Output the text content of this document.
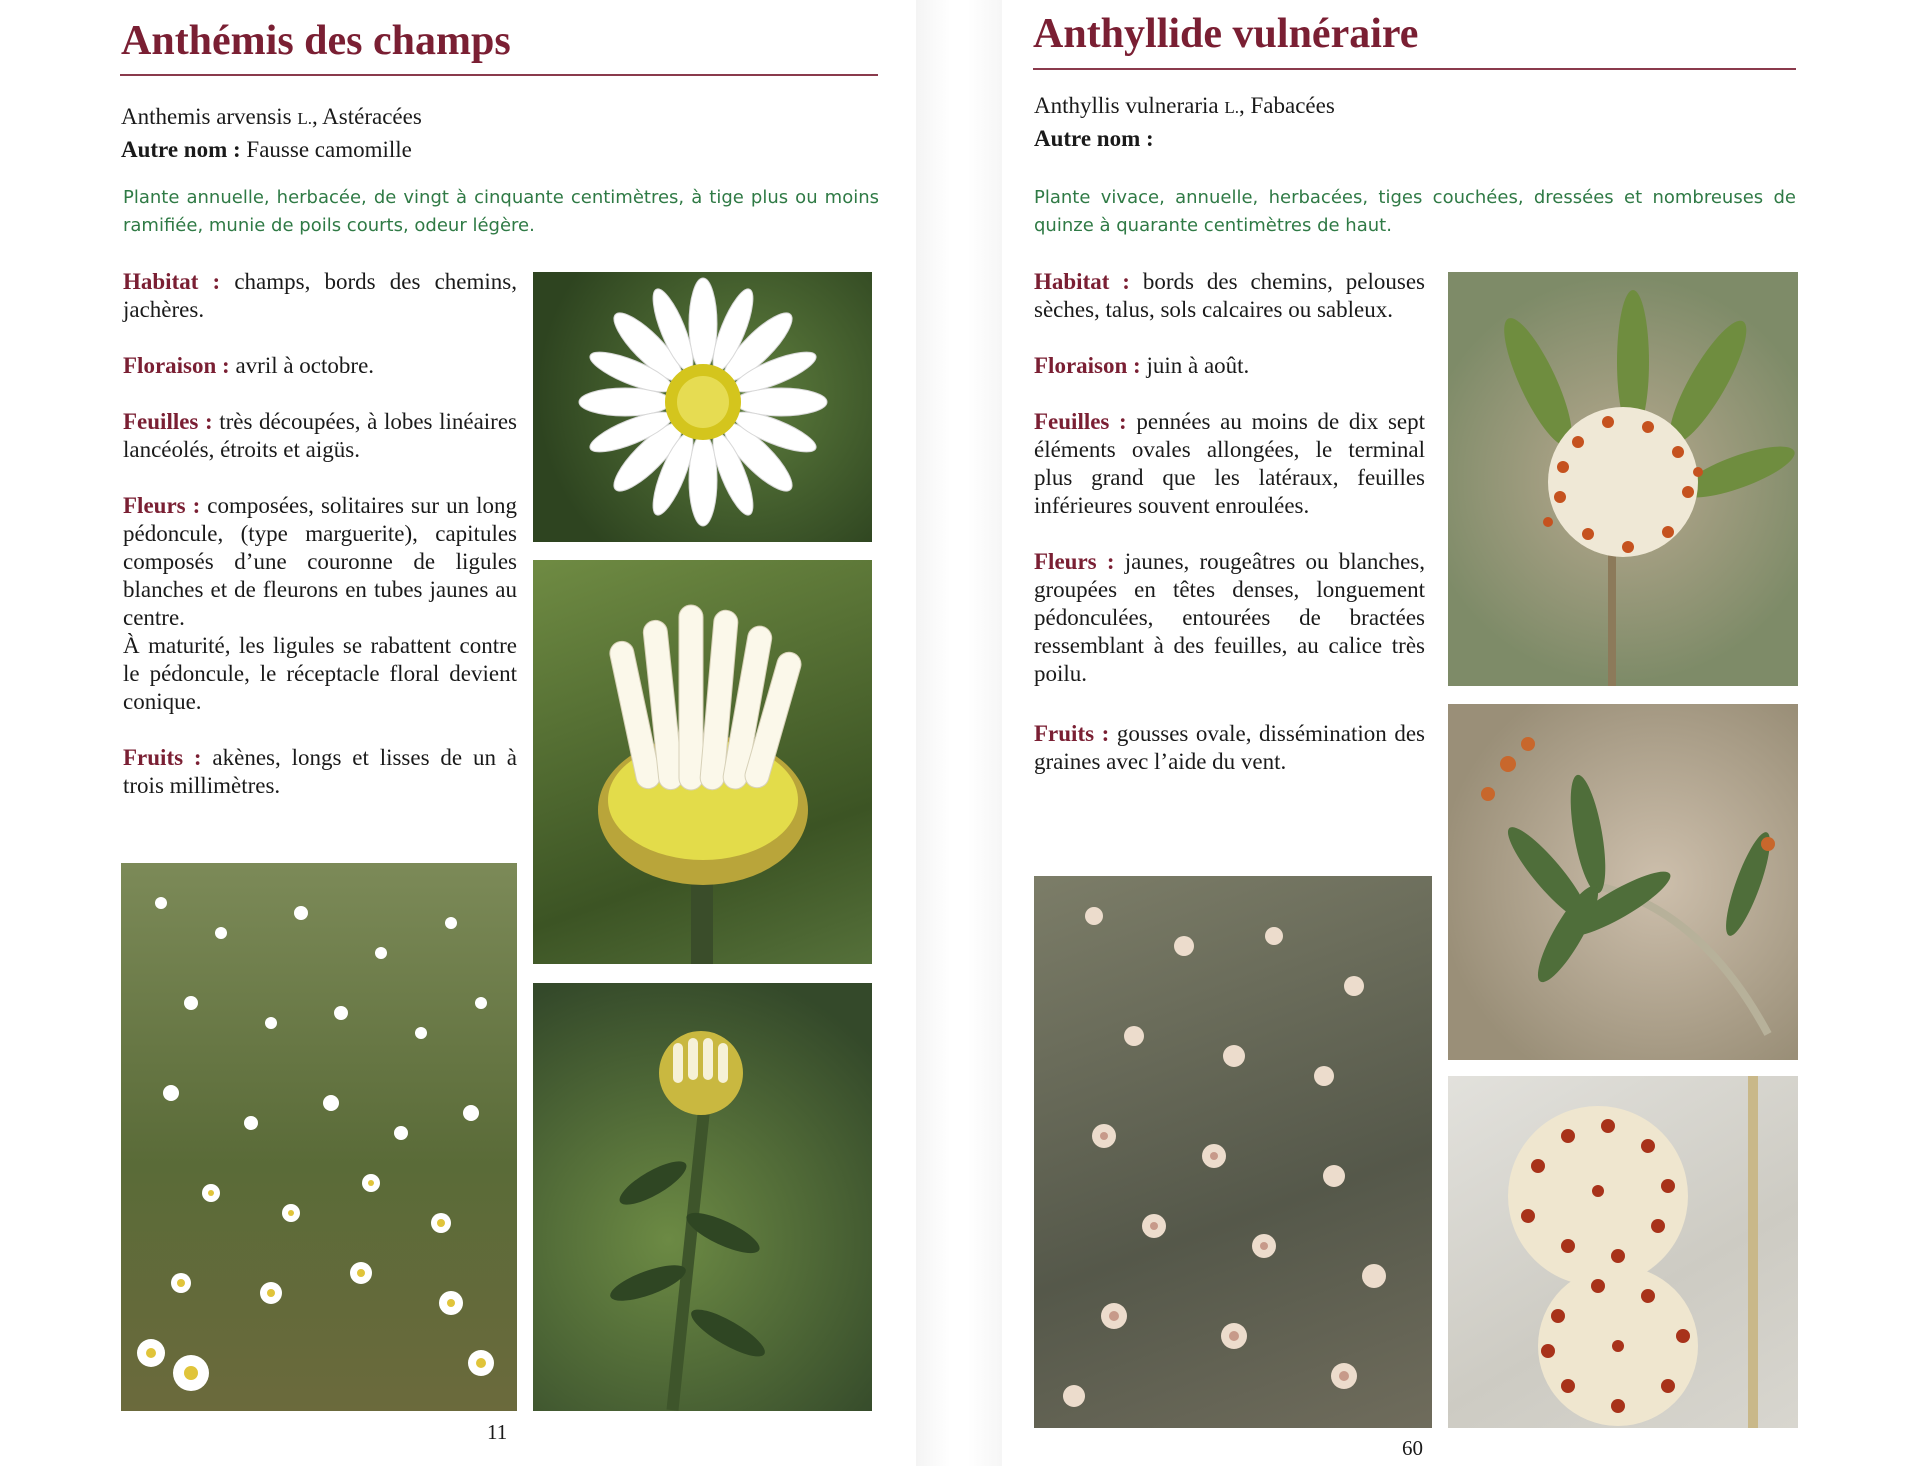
Anthémis des champs
Anthemis arvensis L., Astéracées
Autre nom : Fausse camomille

Plante annuelle, herbacée, de vingt à cinquante centimètres, à tige plus ou moins ramifiée, munie de poils courts, odeur légère.

Habitat : champs, bords des chemins, jachères.

Floraison : avril à octobre.

Feuilles : très découpées, à lobes linéaires lancéolés, étroits et aigüs.

Fleurs : composées, solitaires sur un long pédoncule, (type marguerite), capitules composés d’une couronne de ligules blanches et de fleurons en tubes jaunes au centre.

À maturité, les ligules se rabattent contre le pédoncule, le réceptacle floral devient conique.

Fruits : akènes, longs et lisses de un à trois millimètres.

11
Anthyllide vulnéraire
Anthyllis vulneraria L., Fabacées
Autre nom :

Plante vivace, annuelle, herbacées, tiges couchées, dressées et nombreuses de quinze à quarante centimètres de haut.

Habitat : bords des chemins, pelouses sèches, talus, sols calcaires ou sableux.

Floraison : juin à août.

Feuilles : pennées au moins de dix sept éléments ovales allongées, le terminal plus grand que les latéraux, feuilles inférieures souvent enroulées.

Fleurs : jaunes, rougeâtres ou blanches, groupées en têtes denses, longuement pédonculées, entourées de bractées ressemblant à des feuilles, au calice très poilu.

Fruits : gousses ovale, dissémination des graines avec l’aide du vent.

60
